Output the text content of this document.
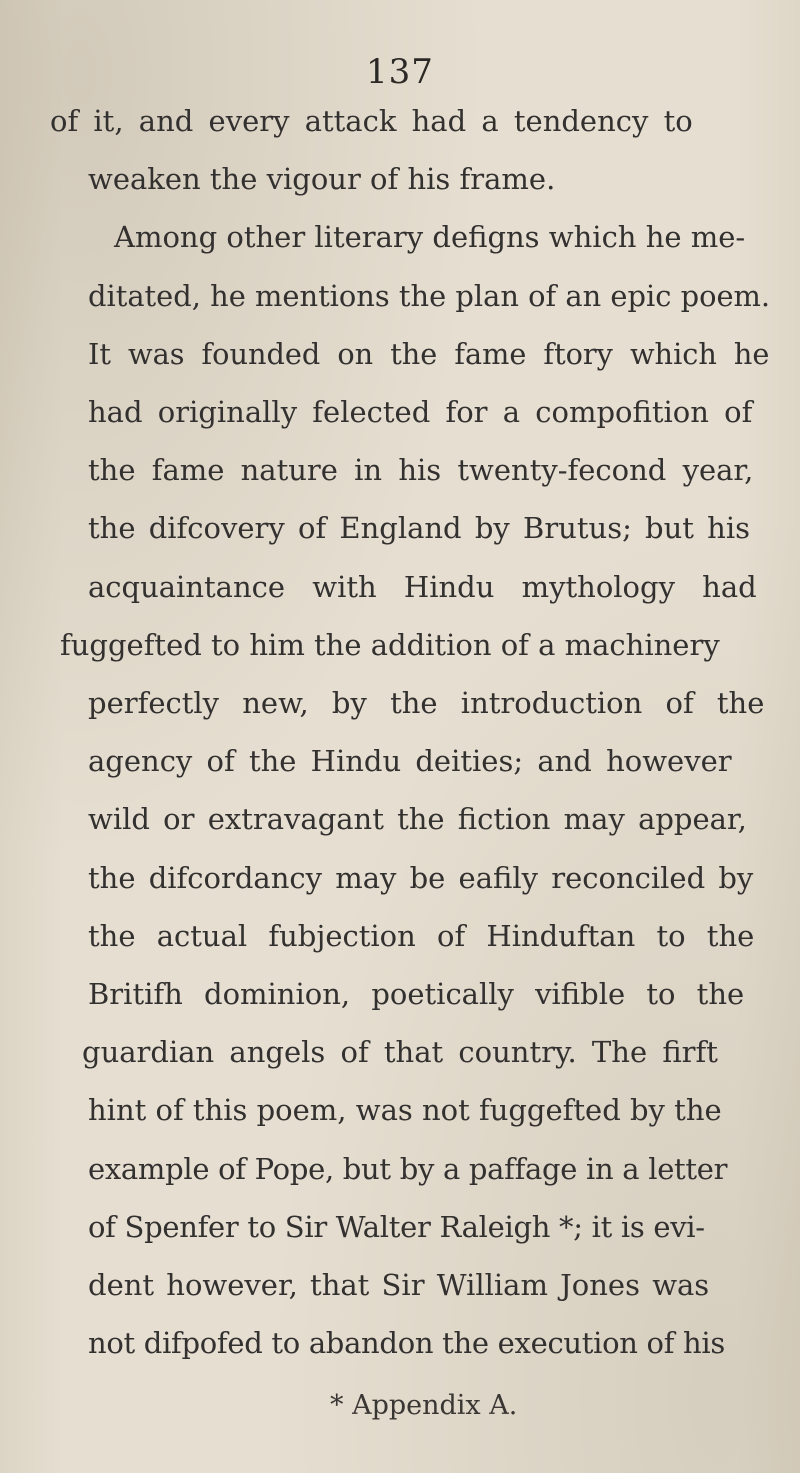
137
of it, and every attack had a tendency to
weaken the vigour of his frame.
Among other literary defigns which he me-
ditated, he mentions the plan of an epic poem.
It was founded on the fame ftory which he
had originally felected for a compofition of
the fame nature in his twenty-fecond year,
the difcovery of England by Brutus; but his
acquaintance with Hindu mythology had
fuggefted to him the addition of a machinery
perfectly new, by the introduction of the
agency of the Hindu deities; and however
wild or extravagant the fiction may appear,
the difcordancy may be eafily reconciled by
the actual fubjection of Hinduftan to the
Britifh dominion, poetically vifible to the
guardian angels of that country. The firft
hint of this poem, was not fuggefted by the
example of Pope, but by a paffage in a letter
of Spenfer to Sir Walter Raleigh *; it is evi-
dent however, that Sir William Jones was
not difpofed to abandon the execution of his
* Appendix A.
